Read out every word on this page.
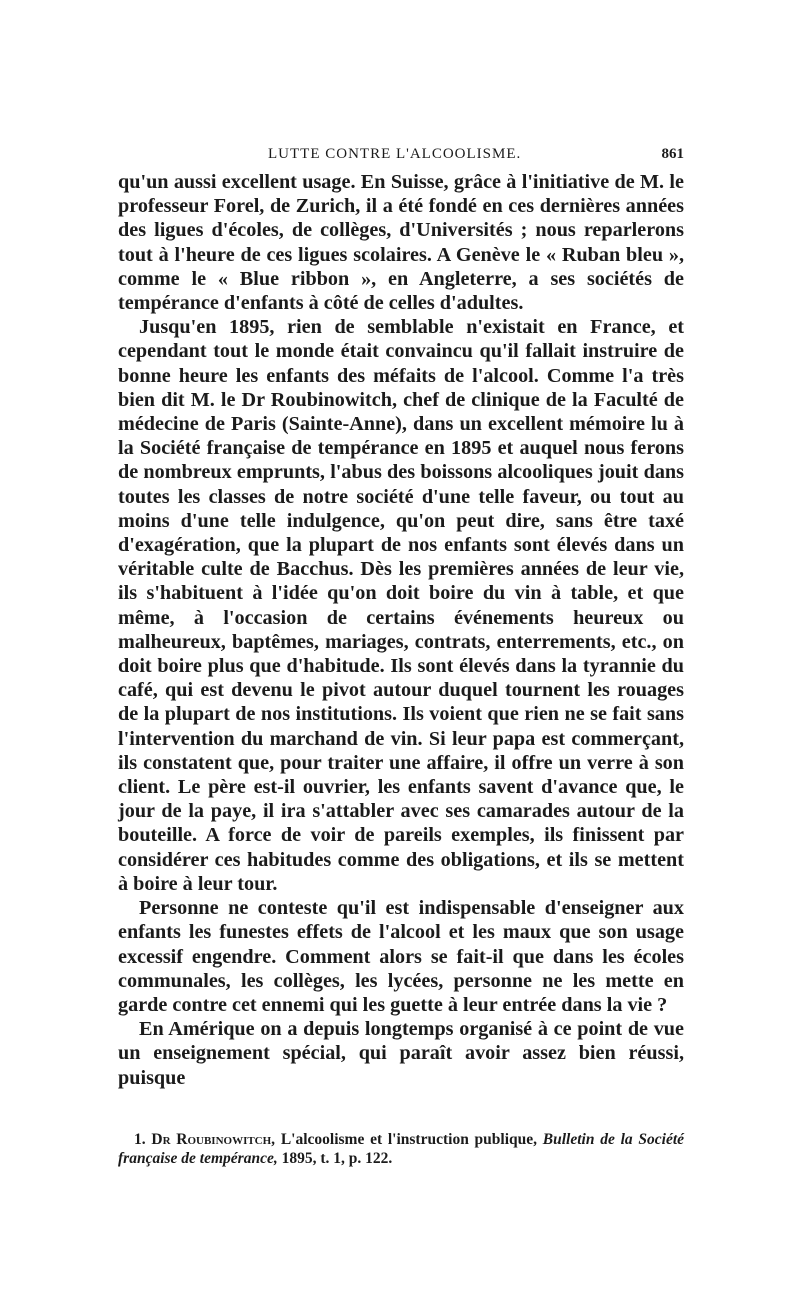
LUTTE CONTRE L'ALCOOLISME.	861

qu'un aussi excellent usage. En Suisse, grâce à l'initiative de M. le professeur Forel, de Zurich, il a été fondé en ces dernières années des ligues d'écoles, de collèges, d'Universités ; nous reparlerons tout à l'heure de ces ligues scolaires. A Genève le « Ruban bleu », comme le « Blue ribbon », en Angleterre, a ses sociétés de tempérance d'enfants à côté de celles d'adultes.

Jusqu'en 1895, rien de semblable n'existait en France, et cependant tout le monde était convaincu qu'il fallait instruire de bonne heure les enfants des méfaits de l'alcool. Comme l'a très bien dit M. le Dr Roubinowitch, chef de clinique de la Faculté de médecine de Paris (Sainte-Anne), dans un excellent mémoire lu à la Société française de tempérance en 1895 et auquel nous ferons de nombreux emprunts, l'abus des boissons alcooliques jouit dans toutes les classes de notre société d'une telle faveur, ou tout au moins d'une telle indulgence, qu'on peut dire, sans être taxé d'exagération, que la plupart de nos enfants sont élevés dans un véritable culte de Bacchus. Dès les premières années de leur vie, ils s'habituent à l'idée qu'on doit boire du vin à table, et que même, à l'occasion de certains événements heureux ou malheureux, baptêmes, mariages, contrats, enterrements, etc., on doit boire plus que d'habitude. Ils sont élevés dans la tyrannie du café, qui est devenu le pivot autour duquel tournent les rouages de la plupart de nos institutions. Ils voient que rien ne se fait sans l'intervention du marchand de vin. Si leur papa est commerçant, ils constatent que, pour traiter une affaire, il offre un verre à son client. Le père est-il ouvrier, les enfants savent d'avance que, le jour de la paye, il ira s'attabler avec ses camarades autour de la bouteille. A force de voir de pareils exemples, ils finissent par considérer ces habitudes comme des obligations, et ils se mettent à boire à leur tour.

Personne ne conteste qu'il est indispensable d'enseigner aux enfants les funestes effets de l'alcool et les maux que son usage excessif engendre. Comment alors se fait-il que dans les écoles communales, les collèges, les lycées, personne ne les mette en garde contre cet ennemi qui les guette à leur entrée dans la vie ?

En Amérique on a depuis longtemps organisé à ce point de vue un enseignement spécial, qui paraît avoir assez bien réussi, puisque

1. Dr Roubinowitch, L'alcoolisme et l'instruction publique, Bulletin de la Société française de tempérance, 1895, t. 1, p. 122.
